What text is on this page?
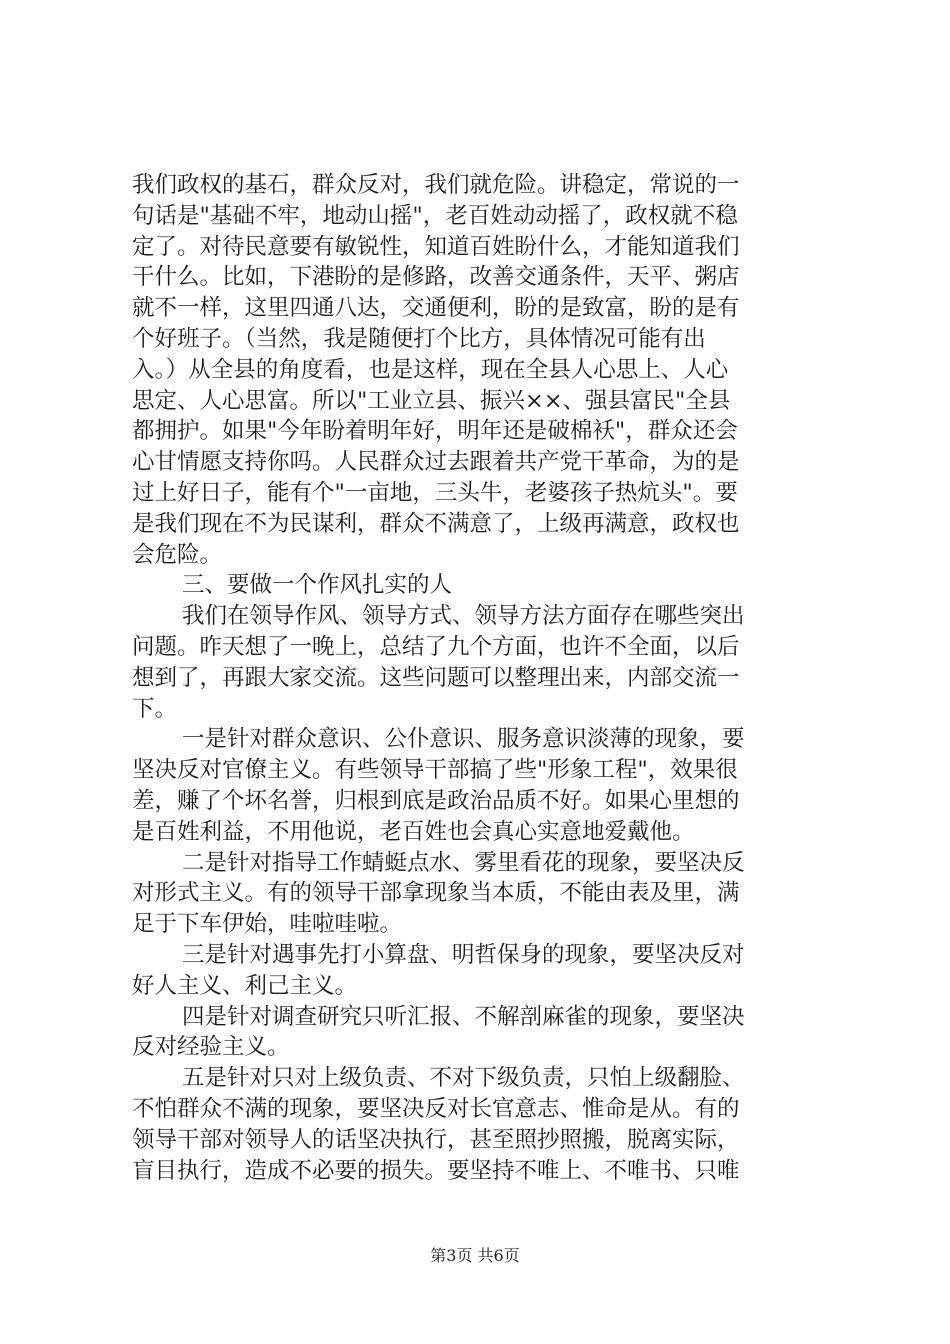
我们政权的基石，群众反对，我们就危险。讲稳定，常说的一
句话是"基础不牢，地动山摇"，老百姓动动摇了，政权就不稳
定了。对待民意要有敏锐性，知道百姓盼什么，才能知道我们
干什么。比如，下港盼的是修路，改善交通条件，天平、粥店
就不一样，这里四通八达，交通便利，盼的是致富，盼的是有
个好班子。（当然，我是随便打个比方，具体情况可能有出
入。）从全县的角度看，也是这样，现在全县人心思上、人心
思定、人心思富。所以"工业立县、振兴××、强县富民"全县
都拥护。如果"今年盼着明年好，明年还是破棉袄"，群众还会
心甘情愿支持你吗。人民群众过去跟着共产党干革命，为的是
过上好日子，能有个"一亩地，三头牛，老婆孩子热炕头"。要
是我们现在不为民谋利，群众不满意了，上级再满意，政权也
会危险。
三、要做一个作风扎实的人
我们在领导作风、领导方式、领导方法方面存在哪些突出
问题。昨天想了一晚上，总结了九个方面，也许不全面，以后
想到了，再跟大家交流。这些问题可以整理出来，内部交流一
下。
一是针对群众意识、公仆意识、服务意识淡薄的现象，要
坚决反对官僚主义。有些领导干部搞了些"形象工程"，效果很
差，赚了个坏名誉，归根到底是政治品质不好。如果心里想的
是百姓利益，不用他说，老百姓也会真心实意地爱戴他。
二是针对指导工作蜻蜓点水、雾里看花的现象，要坚决反
对形式主义。有的领导干部拿现象当本质，不能由表及里，满
足于下车伊始，哇啦哇啦。
三是针对遇事先打小算盘、明哲保身的现象，要坚决反对
好人主义、利己主义。
四是针对调查研究只听汇报、不解剖麻雀的现象，要坚决
反对经验主义。
五是针对只对上级负责、不对下级负责，只怕上级翻脸、
不怕群众不满的现象，要坚决反对长官意志、惟命是从。有的
领导干部对领导人的话坚决执行，甚至照抄照搬，脱离实际，
盲目执行，造成不必要的损失。要坚持不唯上、不唯书、只唯
第3页 共6页
